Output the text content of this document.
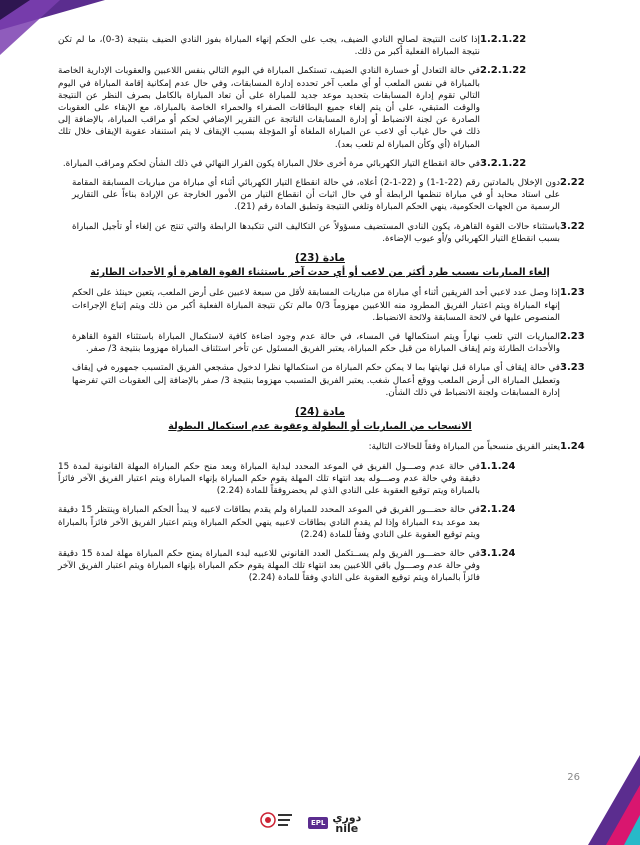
1.2.1.22
إذا كانت النتيجة لصالح النادي الضيف، يجب على الحكم إنهاء المباراة بفوز النادي الضيف بنتيجة (3-0)، ما لم تكن نتيجة المباراة الفعلية أكبر من ذلك.
2.2.1.22
في حالة التعادل أو خسارة النادي الضيف، تستكمل المباراة في اليوم التالي بنفس اللاعبين والعقوبات الإدارية الخاصة بالمباراة في نفس الملعب أو أي ملعب آخر تحدده إدارة المسابقات، وفي حال عدم إمكانية إقامة المباراة في اليوم التالي تقوم إدارة المسابقات بتحديد موعد جديد للمباراة على أن تعاد المباراة بالكامل بصرف النظر عن النتيجة والوقت المتبقي، على أن يتم إلغاء جميع البطاقات الصفراء والحمراء الخاصة بالمباراة، مع الإبقاء على العقوبات الصادرة عن لجنة الانضباط أو إدارة المسابقات الناتجة عن التقرير الإضافي لحكم أو مراقب المباراة، بالإضافة إلى ذلك في حال غياب أي لاعب عن المباراة الملغاة أو المؤجلة بسبب الإيقاف لا يتم استنفاد عقوبة الإيقاف خلال تلك المباراة (أي وكأن المباراة لم تلعب بعد).
3.2.1.22
في حالة انقطاع التيار الكهربائي مرة أخرى خلال المباراة يكون القرار النهائي في ذلك الشأن لحكم ومراقب المباراة.
2.22
دون الإخلال بالمادتين رقم (22-1-1) و (22-1-2) أعلاه، في حالة انقطاع التيار الكهربائي أثناء أي مباراة من مباريات المسابقة المقامة على استاد محايد أو في مباراة تنظمها الرابطة أو في حال اثبات أن انقطاع التيار من الأمور الخارجة عن الإرادة بناءاً على التقارير الرسمية من الجهات الحكومية، ينهي الحكم المباراة وتلغي النتيجة وتطبق المادة رقم (21).
3.22
باستثناء حالات القوة القاهرة، يكون النادي المستضيف مسؤولاً عن التكاليف التي تتكبدها الرابطة والتي تنتج عن إلغاء أو تأجيل المباراة بسبب انقطاع التيار الكهربائي و/أو عيوب الإضاءة.
مادة (23)
إلغاء المباريات بسبب طرد أكثر من لاعب أو أي حدث آخر باستثناء القوة القاهرة أو الأحداث الطارئة
1.23
إذا وصل عدد لاعبي أحد الفريقين أثناء أي مباراة من مباريات المسابقة لأقل من سبعة لاعبين على أرض الملعب، يتعين حينئذ على الحكم إنهاء المباراة ويتم اعتبار الفريق المطرود منه اللاعبين مهزوماً 0/3 مالم تكن نتيجة المباراة الفعلية أكبر من ذلك ويتم إتباع الإجراءات المنصوص عليها في لائحة المسابقة ولائحة الانضباط.
2.23
المباريات التي تلعب نهاراً ويتم استكمالها في المساء، في حالة عدم وجود اضاءة كافية لاستكمال المباراة باستثناء القوة القاهرة والأحداث الطارئة وتم إيقاف المباراة من قبل حكم المباراة، يعتبر الفريق المسئول عن تأخر استئناف المباراة مهزوما بنتيجة 3/ صفر.
3.23
في حالة إيقاف أي مباراة قبل نهايتها بما لا يمكن حكم المباراة من استكمالها نظرا لدخول مشجعي الفريق المتسبب جمهوره في إيقاف وتعطيل المباراة الى أرض الملعب ووقع أعمال شغب. يعتبر الفريق المتسبب مهزوما بنتيجة 3/ صفر بالإضافة إلى العقوبات التي تفرضها إدارة المسابقات ولجنة الانضباط في ذلك الشأن.
مادة (24)
الانسحاب من المباريات أو البطولة وعقوبة عدم استكمال البطولة
1.24
يعتبر الفريق منسحباً من المباراة وفقاً للحالات التالية:
1.1.24
في حالة عدم وصـــول الفريق في الموعد المحدد لبداية المباراة وبعد منح حكم المباراة المهلة القانونية لمدة 15 دقيقة وفي حالة عدم وصـــوله بعد انتهاء تلك المهلة يقوم حكم المباراة بإنهاء المباراة ويتم اعتبار الفريق الآخر فائزاً بالمباراة ويتم توقيع العقوبة على النادي الذي لم يحضروفقاً للمادة (2.24)
2.1.24
في حالة حضـــور الفريق في الموعد المحدد للمباراة ولم يقدم بطاقات لاعبيه لا يبدأ الحكم المباراة وينتظر 15 دقيقة بعد موعد بدء المباراة وإذا لم يقدم النادي بطاقات لاعبيه ينهي الحكم المباراة ويتم اعتبار الفريق الآخر فائزاً بالمباراة ويتم توقيع العقوبة على النادي وفقاً للمادة (2.24)
3.1.24
في حالة حضـــور الفريق ولم يســتكمل العدد القانوني للاعبيه لبدء المباراة يمنح حكم المباراة مهلة لمدة 15 دقيقة وفي حالة عدم وصـــول باقي اللاعبين بعد انتهاء تلك المهلة يقوم حكم المباراة بإنهاء المباراة ويتم اعتبار الفريق الآخر فائزاً بالمباراة ويتم توقيع العقوبة على النادي وفقاً للمادة (2.24)
26
EPL دوري
nile
